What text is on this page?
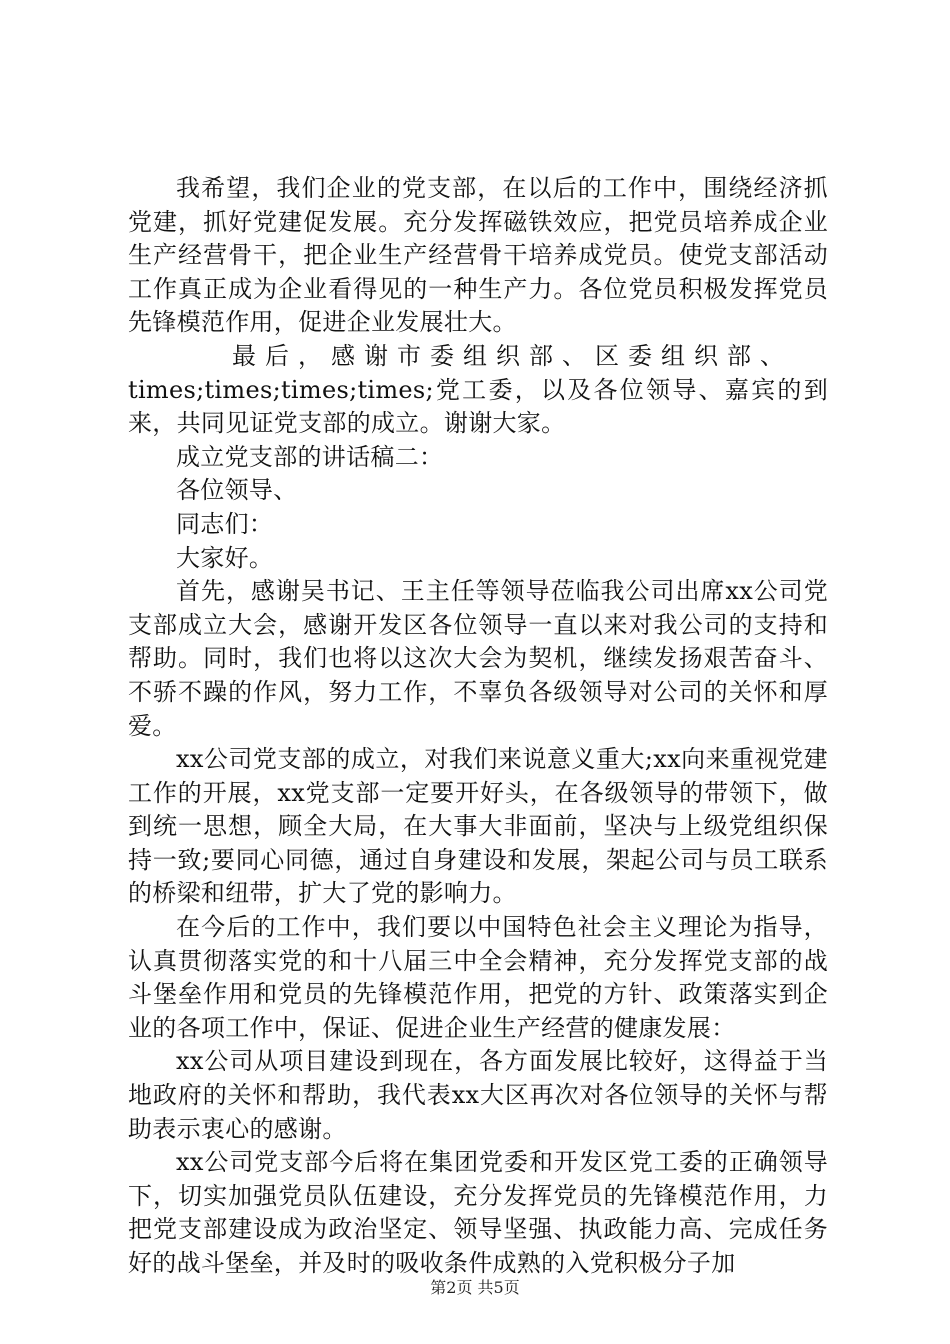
我希望，我们企业的党支部，在以后的工作中，围绕经济抓党建，抓好党建促发展。充分发挥磁铁效应，把党员培养成企业生产经营骨干，把企业生产经营骨干培养成党员。使党支部活动工作真正成为企业看得见的一种生产力。各位党员积极发挥党员先锋模范作用，促进企业发展壮大。

最后，感谢市委组织部、区委组织部、

times;times;times;times;党工委，以及各位领导、嘉宾的到来，共同见证党支部的成立。谢谢大家。

成立党支部的讲话稿二：

各位领导、

同志们：

大家好。

首先，感谢吴书记、王主任等领导莅临我公司出席xx公司党支部成立大会，感谢开发区各位领导一直以来对我公司的支持和帮助。同时，我们也将以这次大会为契机，继续发扬艰苦奋斗、不骄不躁的作风，努力工作，不辜负各级领导对公司的关怀和厚爱。

xx公司党支部的成立，对我们来说意义重大;xx向来重视党建工作的开展，xx党支部一定要开好头，在各级领导的带领下，做到统一思想，顾全大局，在大事大非面前，坚决与上级党组织保持一致;要同心同德，通过自身建设和发展，架起公司与员工联系的桥梁和纽带，扩大了党的影响力。

在今后的工作中，我们要以中国特色社会主义理论为指导，认真贯彻落实党的和十八届三中全会精神，充分发挥党支部的战斗堡垒作用和党员的先锋模范作用，把党的方针、政策落实到企业的各项工作中，保证、促进企业生产经营的健康发展：

xx公司从项目建设到现在，各方面发展比较好，这得益于当地政府的关怀和帮助，我代表xx大区再次对各位领导的关怀与帮助表示衷心的感谢。

xx公司党支部今后将在集团党委和开发区党工委的正确领导下，切实加强党员队伍建设，充分发挥党员的先锋模范作用，力把党支部建设成为政治坚定、领导坚强、执政能力高、完成任务好的战斗堡垒，并及时的吸收条件成熟的入党积极分子加

第2页 共5页
